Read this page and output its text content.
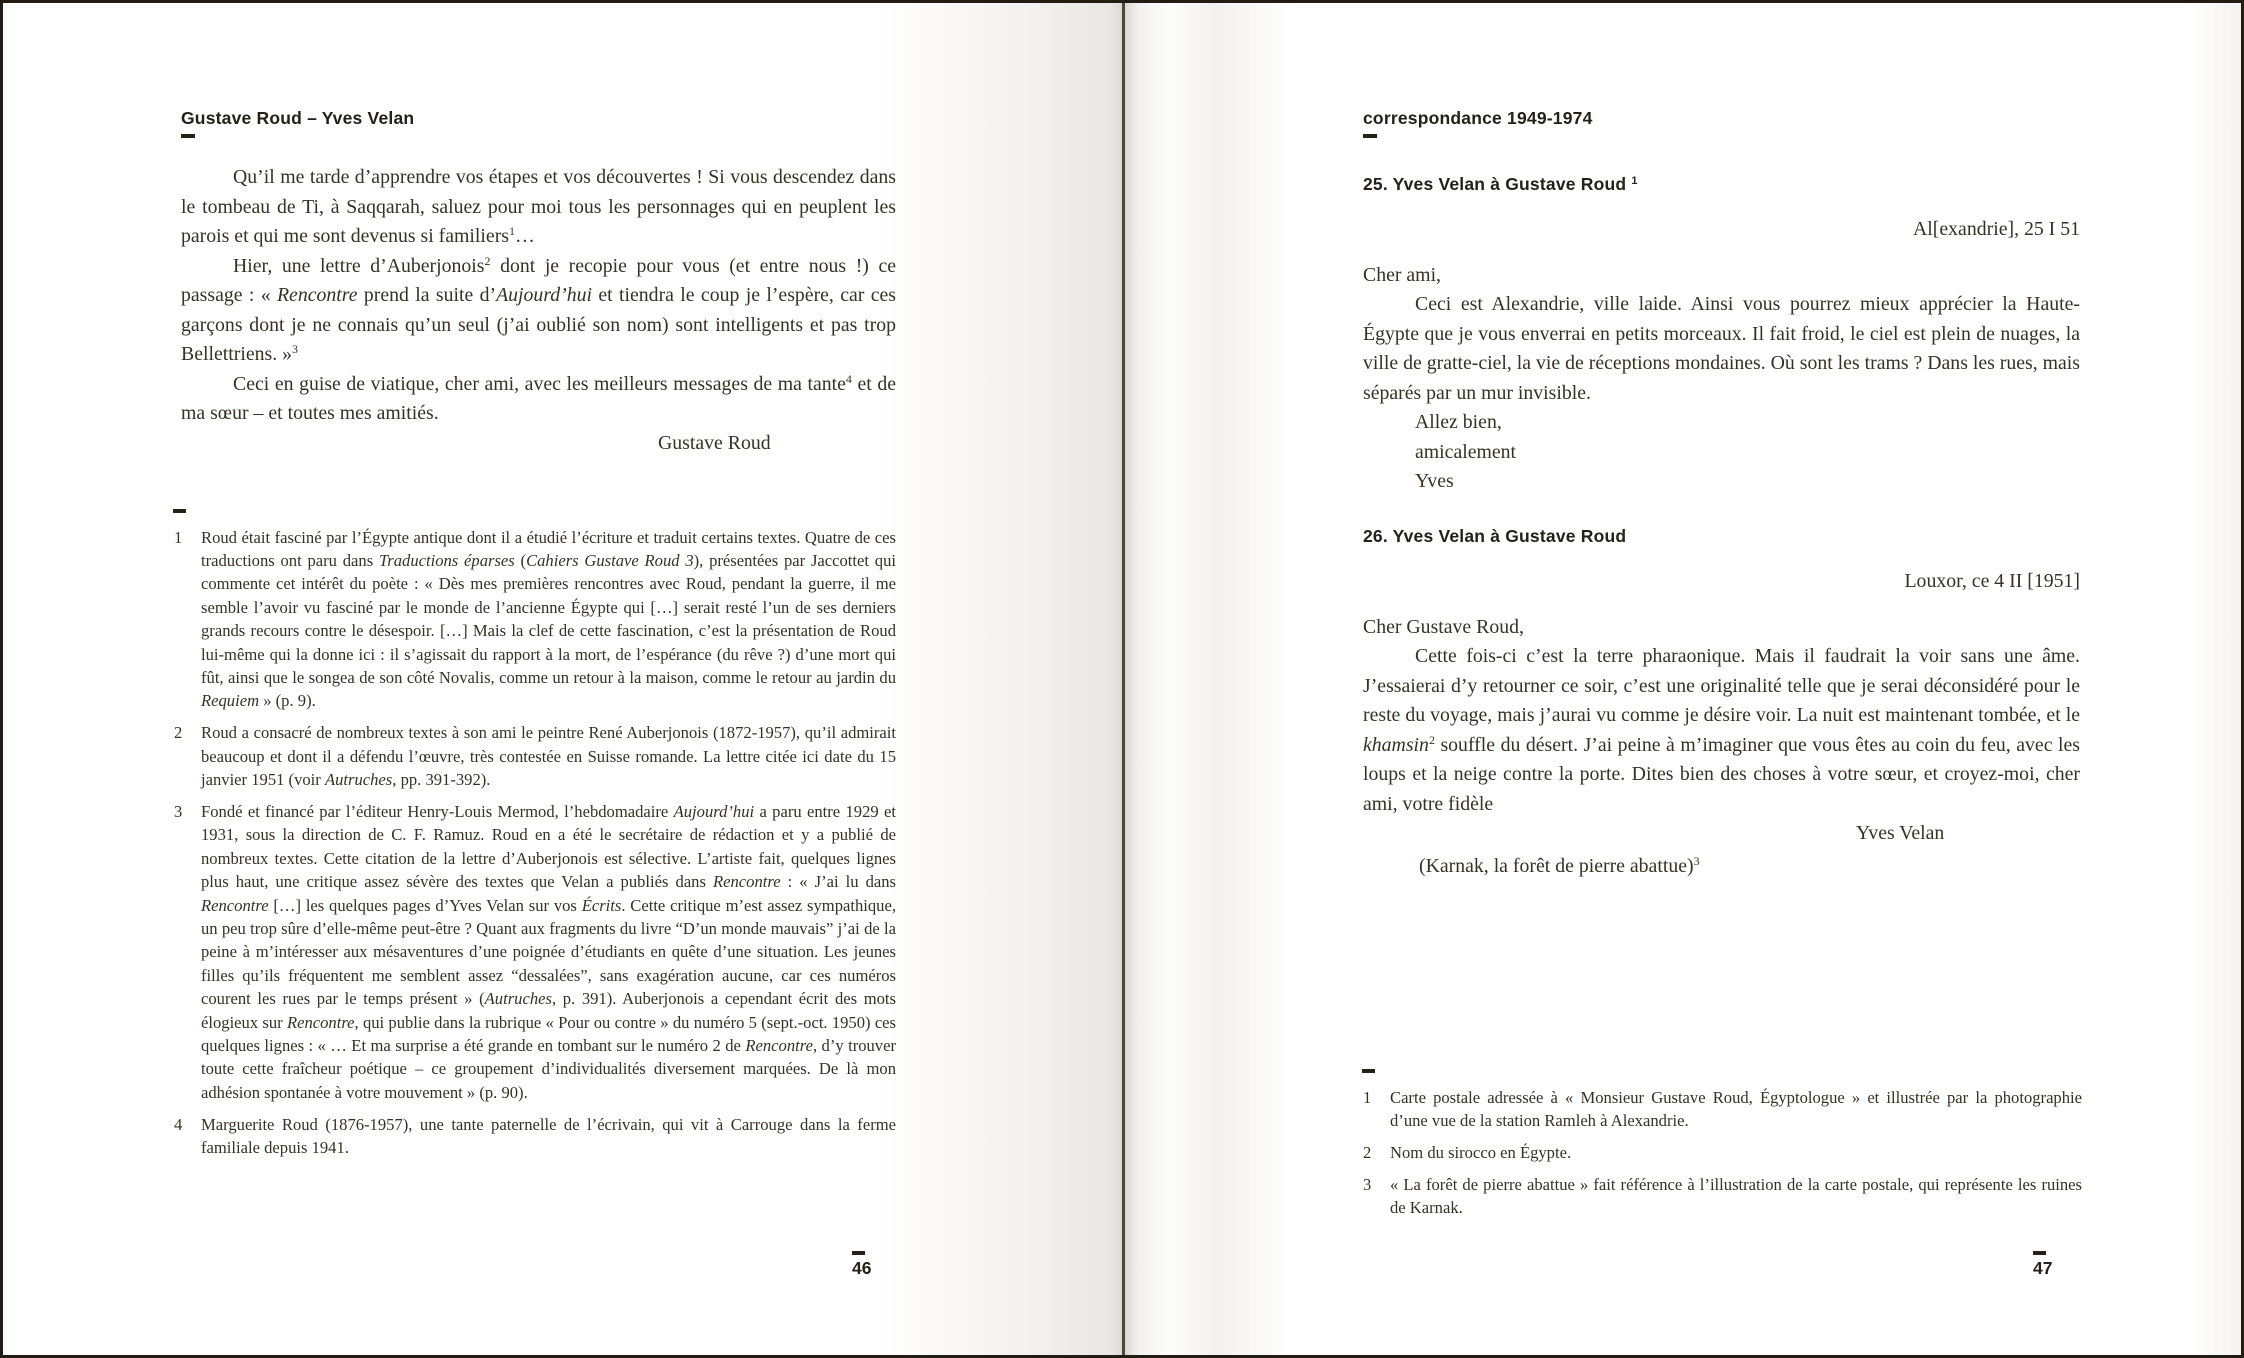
Gustave Roud – Yves Velan

Qu’il me tarde d’apprendre vos étapes et vos découvertes ! Si vous descendez dans le tombeau de Ti, à Saqqarah, saluez pour moi tous les personnages qui en peuplent les parois et qui me sont devenus si familiers$^1$…

Hier, une lettre d’Auberjonois$^2$ dont je recopie pour vous (et entre nous !) ce passage : « Rencontre prend la suite d’Aujourd’hui et tiendra le coup je l’espère, car ces garçons dont je ne connais qu’un seul (j’ai oublié son nom) sont intelligents et pas trop Bellettriens. »$^3$

Ceci en guise de viatique, cher ami, avec les meilleurs messages de ma tante$^4$ et de ma sœur – et toutes mes amitiés.

Gustave Roud

1	Roud était fasciné par l’Égypte antique dont il a étudié l’écriture et traduit certains textes. Quatre de ces traductions ont paru dans Traductions éparses (Cahiers Gustave Roud 3), présentées par Jaccottet qui commente cet intérêt du poète : « Dès mes premières rencontres avec Roud, pendant la guerre, il me semble l’avoir vu fasciné par le monde de l’ancienne Égypte qui […] serait resté l’un de ses derniers grands recours contre le désespoir. […] Mais la clef de cette fascination, c’est la présentation de Roud lui-même qui la donne ici : il s’agissait du rapport à la mort, de l’espérance (du rêve ?) d’une mort qui fût, ainsi que le songea de son côté Novalis, comme un retour à la maison, comme le retour au jardin du Requiem » (p. 9).

2	Roud a consacré de nombreux textes à son ami le peintre René Auberjonois (1872-1957), qu’il admirait beaucoup et dont il a défendu l’œuvre, très contestée en Suisse romande. La lettre citée ici date du 15 janvier 1951 (voir Autruches, pp. 391-392).

3	Fondé et financé par l’éditeur Henry-Louis Mermod, l’hebdomadaire Aujourd’hui a paru entre 1929 et 1931, sous la direction de C. F. Ramuz. Roud en a été le secrétaire de rédaction et y a publié de nombreux textes. Cette citation de la lettre d’Auberjonois est sélective. L’artiste fait, quelques lignes plus haut, une critique assez sévère des textes que Velan a publiés dans Rencontre : « J’ai lu dans Rencontre […] les quelques pages d’Yves Velan sur vos Écrits. Cette critique m’est assez sympathique, un peu trop sûre d’elle-même peut-être ? Quant aux fragments du livre “D’un monde mauvais” j’ai de la peine à m’intéresser aux mésaventures d’une poignée d’étudiants en quête d’une situation. Les jeunes filles qu’ils fréquentent me semblent assez “dessalées”, sans exagération aucune, car ces numéros courent les rues par le temps présent » (Autruches, p. 391). Auberjonois a cependant écrit des mots élogieux sur Rencontre, qui publie dans la rubrique « Pour ou contre » du numéro 5 (sept.-oct. 1950) ces quelques lignes : « … Et ma surprise a été grande en tombant sur le numéro 2 de Rencontre, d’y trouver toute cette fraîcheur poétique – ce groupement d’individualités diversement marquées. De là mon adhésion spontanée à votre mouvement » (p. 90).

4	Marguerite Roud (1876-1957), une tante paternelle de l’écrivain, qui vit à Carrouge dans la ferme familiale depuis 1941.

46
correspondance 1949-1974

25. Yves Velan à Gustave Roud $^1$

Al[exandrie], 25 I 51

Cher ami,

Ceci est Alexandrie, ville laide. Ainsi vous pourrez mieux apprécier la Haute-Égypte que je vous enverrai en petits morceaux. Il fait froid, le ciel est plein de nuages, la ville de gratte-ciel, la vie de réceptions mondaines. Où sont les trams ? Dans les rues, mais séparés par un mur invisible.

Allez bien,

amicalement

Yves

26. Yves Velan à Gustave Roud

Louxor, ce 4 II [1951]

Cher Gustave Roud,

Cette fois-ci c’est la terre pharaonique. Mais il faudrait la voir sans une âme. J’essaierai d’y retourner ce soir, c’est une originalité telle que je serai déconsidéré pour le reste du voyage, mais j’aurai vu comme je désire voir. La nuit est maintenant tombée, et le khamsin$^2$ souffle du désert. J’ai peine à m’imaginer que vous êtes au coin du feu, avec les loups et la neige contre la porte. Dites bien des choses à votre sœur, et croyez-moi, cher ami, votre fidèle

Yves Velan

(Karnak, la forêt de pierre abattue)$^3$

1	Carte postale adressée à « Monsieur Gustave Roud, Égyptologue » et illustrée par la photographie d’une vue de la station Ramleh à Alexandrie.

2	Nom du sirocco en Égypte.

3	« La forêt de pierre abattue » fait référence à l’illustration de la carte postale, qui représente les ruines de Karnak.

47
